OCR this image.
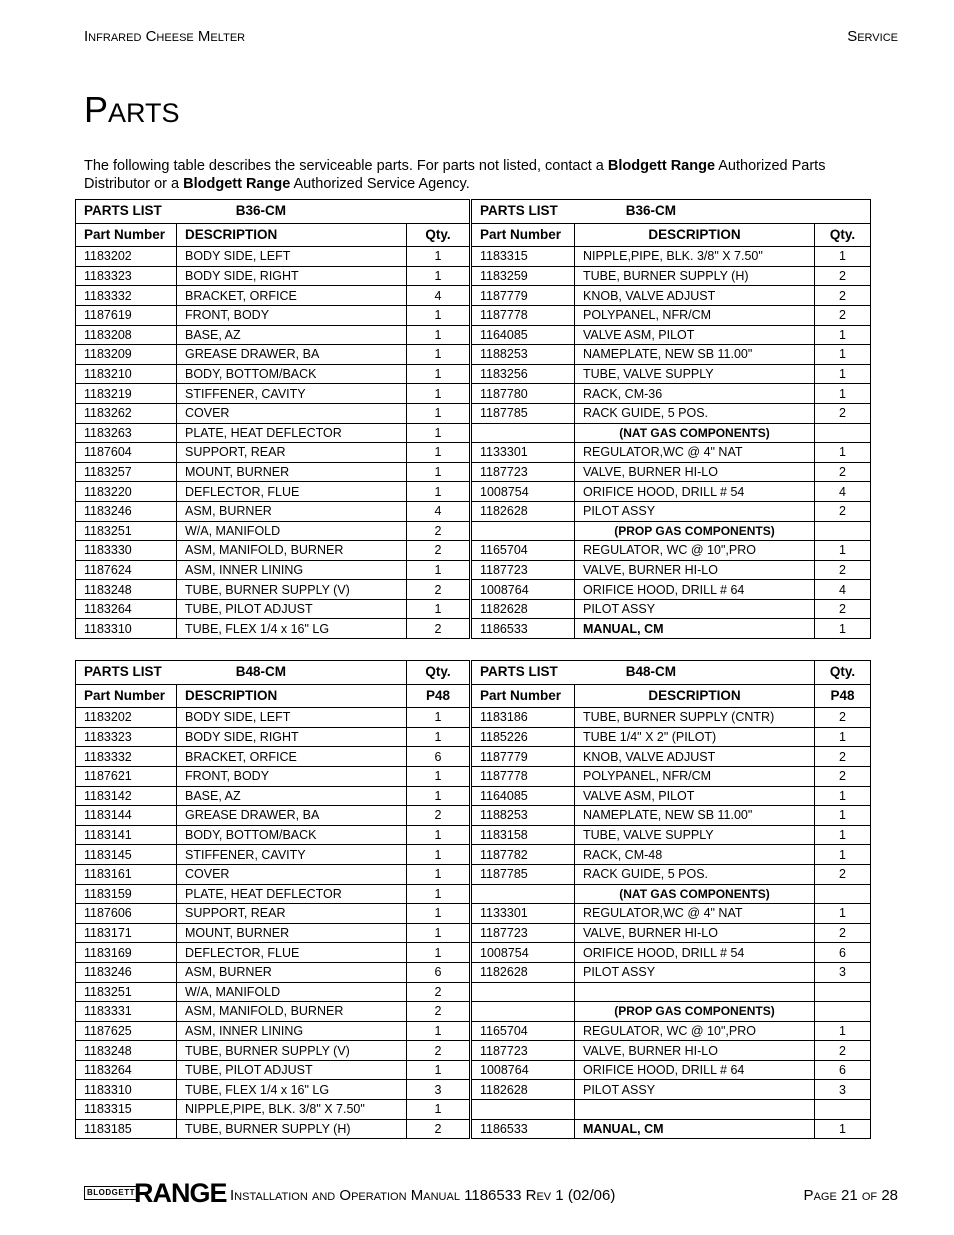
INFRARED CHEESE MELTER	SERVICE
PARTS

The following table describes the serviceable parts. For parts not listed, contact a Blodgett Range Authorized Parts Distributor or a Blodgett Range Authorized Service Agency.

PARTS LIST B36-CM				PARTS LIST B36-CM		
Part Number	DESCRIPTION	Qty.		Part Number	DESCRIPTION	Qty.
1183202	BODY SIDE, LEFT	1		1183315	NIPPLE,PIPE, BLK. 3/8" X 7.50"	1
1183323	BODY SIDE, RIGHT	1		1183259	TUBE, BURNER SUPPLY (H)	2
1183332	BRACKET, ORFICE	4		1187779	KNOB, VALVE ADJUST	2
1187619	FRONT, BODY	1		1187778	POLYPANEL, NFR/CM	2
1183208	BASE, AZ	1		1164085	VALVE ASM, PILOT	1
1183209	GREASE DRAWER, BA	1		1188253	NAMEPLATE, NEW SB 11.00"	1
1183210	BODY, BOTTOM/BACK	1		1183256	TUBE, VALVE SUPPLY	1
1183219	STIFFENER, CAVITY	1		1187780	RACK, CM-36	1
1183262	COVER	1		1187785	RACK GUIDE, 5 POS.	2
1183263	PLATE, HEAT DEFLECTOR	1			(NAT GAS COMPONENTS)	
1187604	SUPPORT, REAR	1		1133301	REGULATOR,WC @ 4" NAT	1
1183257	MOUNT, BURNER	1		1187723	VALVE, BURNER HI-LO	2
1183220	DEFLECTOR, FLUE	1		1008754	ORIFICE HOOD, DRILL # 54	4
1183246	ASM, BURNER	4		1182628	PILOT ASSY	2
1183251	W/A, MANIFOLD	2			(PROP GAS COMPONENTS)	
1183330	ASM, MANIFOLD, BURNER	2		1165704	REGULATOR, WC @ 10",PRO	1
1187624	ASM, INNER LINING	1		1187723	VALVE, BURNER HI-LO	2
1183248	TUBE, BURNER SUPPLY (V)	2		1008764	ORIFICE HOOD, DRILL # 64	4
1183264	TUBE, PILOT ADJUST	1		1182628	PILOT ASSY	2
1183310	TUBE, FLEX 1/4 x 16" LG	2		1186533	MANUAL, CM	1
PARTS LIST B48-CM		Qty.		PARTS LIST B48-CM		Qty.
Part Number	DESCRIPTION	P48		Part Number	DESCRIPTION	P48
1183202	BODY SIDE, LEFT	1		1183186	TUBE, BURNER SUPPLY (CNTR)	2
1183323	BODY SIDE, RIGHT	1		1185226	TUBE 1/4" X 2" (PILOT)	1
1183332	BRACKET, ORFICE	6		1187779	KNOB, VALVE ADJUST	2
1187621	FRONT, BODY	1		1187778	POLYPANEL, NFR/CM	2
1183142	BASE, AZ	1		1164085	VALVE ASM, PILOT	1
1183144	GREASE DRAWER, BA	2		1188253	NAMEPLATE, NEW SB 11.00"	1
1183141	BODY, BOTTOM/BACK	1		1183158	TUBE, VALVE SUPPLY	1
1183145	STIFFENER, CAVITY	1		1187782	RACK, CM-48	1
1183161	COVER	1		1187785	RACK GUIDE, 5 POS.	2
1183159	PLATE, HEAT DEFLECTOR	1			(NAT GAS COMPONENTS)	
1187606	SUPPORT, REAR	1		1133301	REGULATOR,WC @ 4" NAT	1
1183171	MOUNT, BURNER	1		1187723	VALVE, BURNER HI-LO	2
1183169	DEFLECTOR, FLUE	1		1008754	ORIFICE HOOD, DRILL # 54	6
1183246	ASM, BURNER	6		1182628	PILOT ASSY	3
1183251	W/A, MANIFOLD	2				
1183331	ASM, MANIFOLD, BURNER	2			(PROP GAS COMPONENTS)	
1187625	ASM, INNER LINING	1		1165704	REGULATOR, WC @ 10",PRO	1
1183248	TUBE, BURNER SUPPLY (V)	2		1187723	VALVE, BURNER HI-LO	2
1183264	TUBE, PILOT ADJUST	1		1008764	ORIFICE HOOD, DRILL # 64	6
1183310	TUBE, FLEX 1/4 x 16" LG	3		1182628	PILOT ASSY	3
1183315	NIPPLE,PIPE, BLK. 3/8" X 7.50"	1				
1183185	TUBE, BURNER SUPPLY (H)	2		1186533	MANUAL, CM	1
BLODGETT RANGE INSTALLATION AND OPERATION MANUAL 1186533 REV 1 (02/06)	PAGE 21 OF 28
